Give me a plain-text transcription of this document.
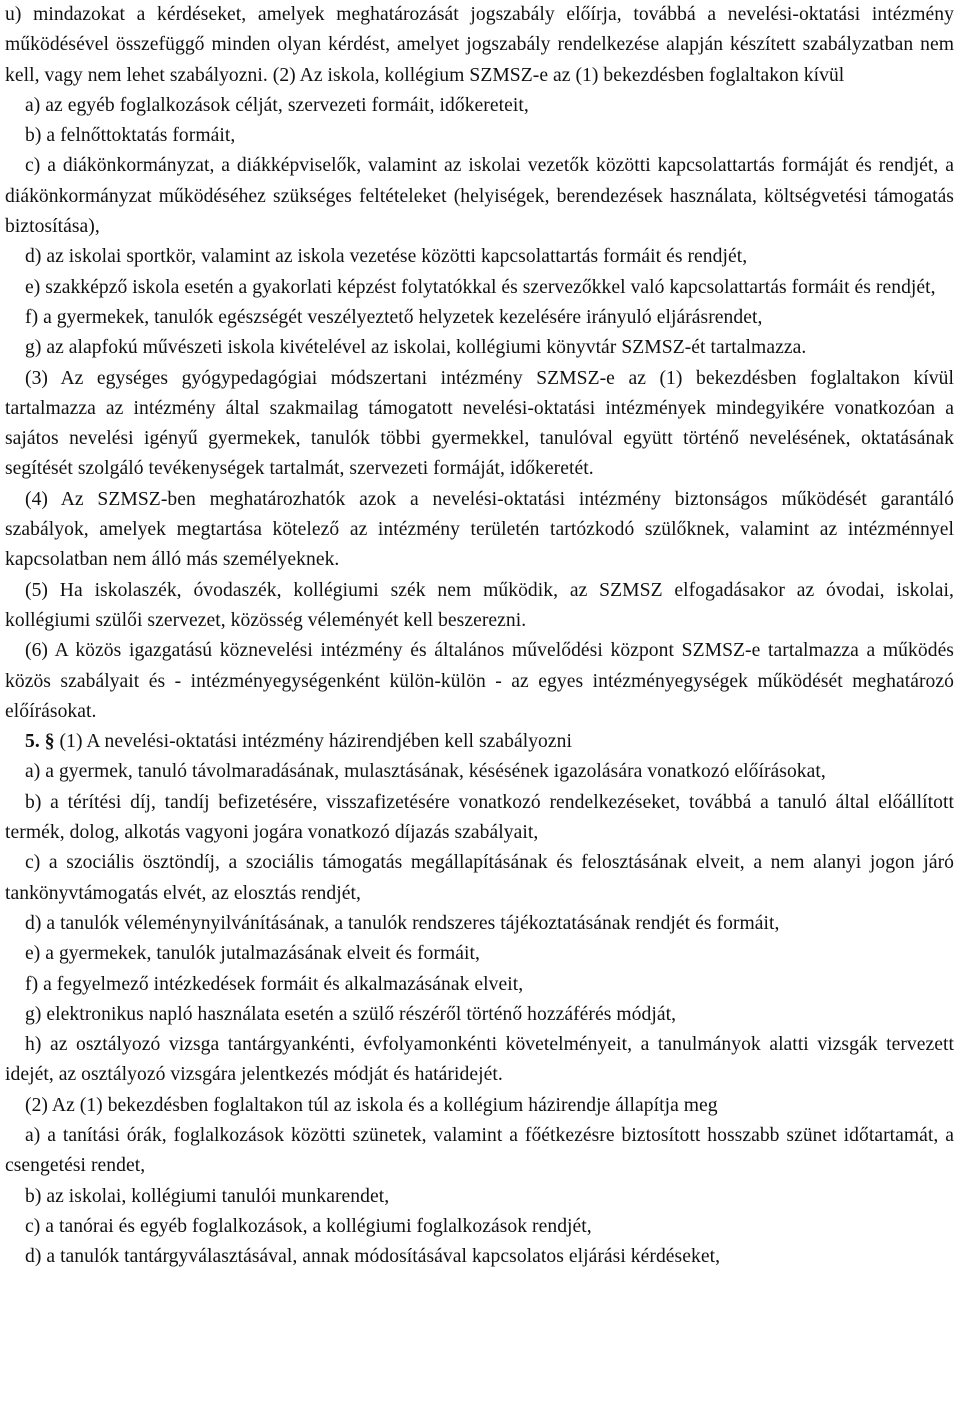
u) mindazokat a kérdéseket, amelyek meghatározását jogszabály előírja, továbbá a nevelési-oktatási intézmény működésével összefüggő minden olyan kérdést, amelyet jogszabály rendelkezése alapján készített szabályzatban nem kell, vagy nem lehet szabályozni. (2) Az iskola, kollégium SZMSZ-e az (1) bekezdésben foglaltakon kívül

a) az egyéb foglalkozások célját, szervezeti formáit, időkereteit,

b) a felnőttoktatás formáit,

c) a diákönkormányzat, a diákképviselők, valamint az iskolai vezetők közötti kapcsolattartás formáját és rendjét, a diákönkormányzat működéséhez szükséges feltételeket (helyiségek, berendezések használata, költségvetési támogatás biztosítása),

d) az iskolai sportkör, valamint az iskola vezetése közötti kapcsolattartás formáit és rendjét,

e) szakképző iskola esetén a gyakorlati képzést folytatókkal és szervezőkkel való kapcsolattartás formáit és rendjét,

f) a gyermekek, tanulók egészségét veszélyeztető helyzetek kezelésére irányuló eljárásrendet,

g) az alapfokú művészeti iskola kivételével az iskolai, kollégiumi könyvtár SZMSZ-ét tartalmazza.

(3) Az egységes gyógypedagógiai módszertani intézmény SZMSZ-e az (1) bekezdésben foglaltakon kívül tartalmazza az intézmény által szakmailag támogatott nevelési-oktatási intézmények mindegyikére vonatkozóan a sajátos nevelési igényű gyermekek, tanulók többi gyermekkel, tanulóval együtt történő nevelésének, oktatásának segítését szolgáló tevékenységek tartalmát, szervezeti formáját, időkeretét.

(4) Az SZMSZ-ben meghatározhatók azok a nevelési-oktatási intézmény biztonságos működését garantáló szabályok, amelyek megtartása kötelező az intézmény területén tartózkodó szülőknek, valamint az intézménnyel kapcsolatban nem álló más személyeknek.

(5) Ha iskolaszék, óvodaszék, kollégiumi szék nem működik, az SZMSZ elfogadásakor az óvodai, iskolai, kollégiumi szülői szervezet, közösség véleményét kell beszerezni.

(6) A közös igazgatású köznevelési intézmény és általános művelődési központ SZMSZ-e tartalmazza a működés közös szabályait és - intézményegységenként külön-külön - az egyes intézményegységek működését meghatározó előírásokat.

5. § (1) A nevelési-oktatási intézmény házirendjében kell szabályozni

a) a gyermek, tanuló távolmaradásának, mulasztásának, késésének igazolására vonatkozó előírásokat,

b) a térítési díj, tandíj befizetésére, visszafizetésére vonatkozó rendelkezéseket, továbbá a tanuló által előállított termék, dolog, alkotás vagyoni jogára vonatkozó díjazás szabályait,

c) a szociális ösztöndíj, a szociális támogatás megállapításának és felosztásának elveit, a nem alanyi jogon járó tankönyvtámogatás elvét, az elosztás rendjét,

d) a tanulók véleménynyilvánításának, a tanulók rendszeres tájékoztatásának rendjét és formáit,

e) a gyermekek, tanulók jutalmazásának elveit és formáit,

f) a fegyelmező intézkedések formáit és alkalmazásának elveit,

g) elektronikus napló használata esetén a szülő részéről történő hozzáférés módját,

h) az osztályozó vizsga tantárgyankénti, évfolyamonkénti követelményeit, a tanulmányok alatti vizsgák tervezett idejét, az osztályozó vizsgára jelentkezés módját és határidejét.

(2) Az (1) bekezdésben foglaltakon túl az iskola és a kollégium házirendje állapítja meg

a) a tanítási órák, foglalkozások közötti szünetek, valamint a főétkezésre biztosított hosszabb szünet időtartamát, a csengetési rendet,

b) az iskolai, kollégiumi tanulói munkarendet,

c) a tanórai és egyéb foglalkozások, a kollégiumi foglalkozások rendjét,

d) a tanulók tantárgyválasztásával, annak módosításával kapcsolatos eljárási kérdéseket,
